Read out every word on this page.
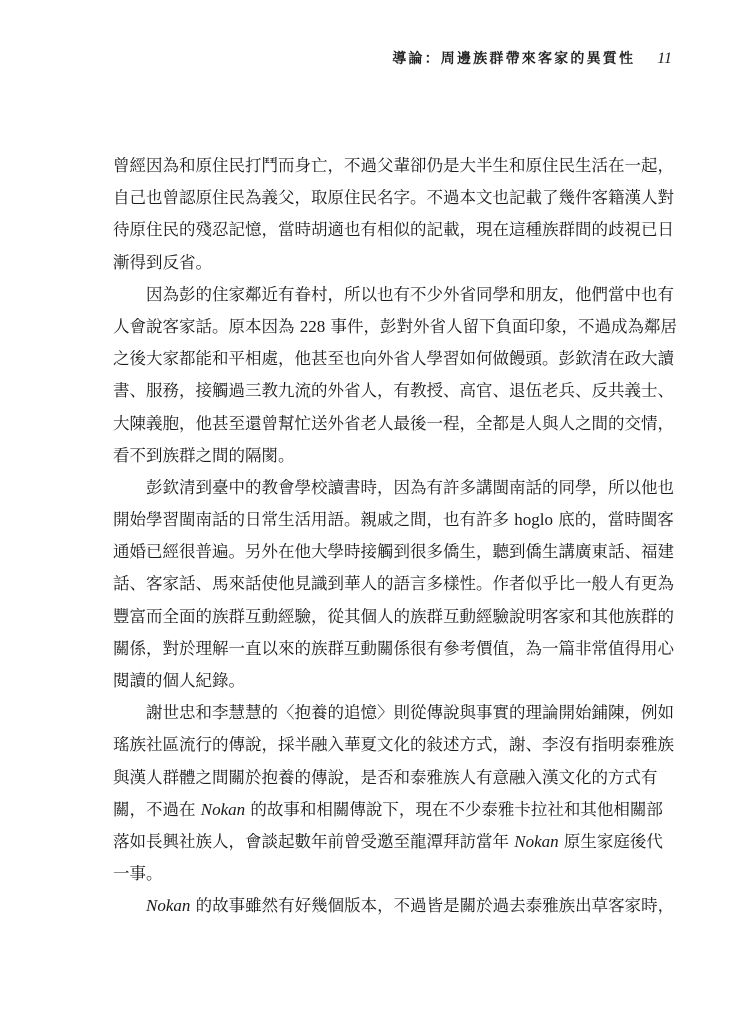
導論：周邊族群帶來客家的異質性 11
曾經因為和原住民打鬥而身亡，不過父輩卻仍是大半生和原住民生活在一起，
自己也曾認原住民為義父，取原住民名字。不過本文也記載了幾件客籍漢人對
待原住民的殘忍記憶，當時胡適也有相似的記載，現在這種族群間的歧視已日
漸得到反省。
因為彭的住家鄰近有眷村，所以也有不少外省同學和朋友，他們當中也有
人會說客家話。原本因為 228 事件，彭對外省人留下負面印象，不過成為鄰居
之後大家都能和平相處，他甚至也向外省人學習如何做饅頭。彭欽清在政大讀
書、服務，接觸過三教九流的外省人，有教授、高官、退伍老兵、反共義士、
大陳義胞，他甚至還曾幫忙送外省老人最後一程，全都是人與人之間的交情，
看不到族群之間的隔閡。
彭欽清到臺中的教會學校讀書時，因為有許多講閩南話的同學，所以他也
開始學習閩南話的日常生活用語。親戚之間，也有許多 hoglo 底的，當時閩客
通婚已經很普遍。另外在他大學時接觸到很多僑生，聽到僑生講廣東話、福建
話、客家話、馬來話使他見識到華人的語言多樣性。作者似乎比一般人有更為
豐富而全面的族群互動經驗，從其個人的族群互動經驗說明客家和其他族群的
關係，對於理解一直以來的族群互動關係很有參考價值，為一篇非常值得用心
閱讀的個人紀錄。
謝世忠和李慧慧的〈抱養的追憶〉則從傳說與事實的理論開始鋪陳，例如
瑤族社區流行的傳說，採半融入華夏文化的敍述方式，謝、李沒有指明泰雅族
與漢人群體之間關於抱養的傳說，是否和泰雅族人有意融入漢文化的方式有
關，不過在 Nokan 的故事和相關傳說下，現在不少泰雅卡拉社和其他相關部
落如長興社族人，會談起數年前曾受邀至龍潭拜訪當年 Nokan 原生家庭後代
一事。
Nokan 的故事雖然有好幾個版本，不過皆是關於過去泰雅族出草客家時，
